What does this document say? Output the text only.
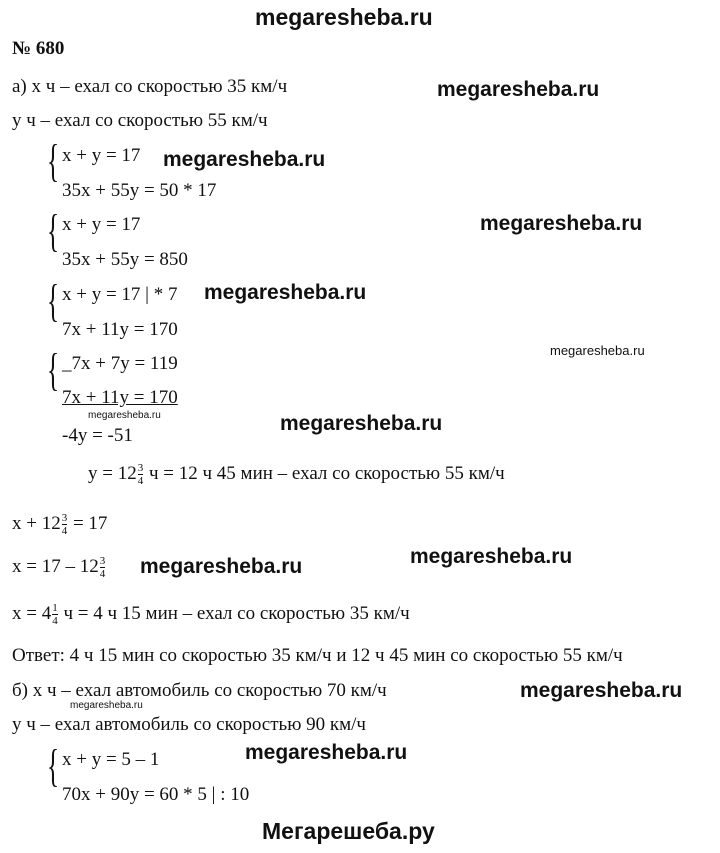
megaresheba.ru
Мегарешеба.ру
№ 680
а) x ч – ехал со скоростью 35 км/ч
y ч – ехал со скоростью 55 км/ч
{ x + y = 17
35x + 55y = 50 * 17
{ x + y = 17
35x + 55y = 850
{ x + y = 17 | * 7
7x + 11y = 170
{ _7x + 7y = 119
7x + 11y = 170
-4y = -51
$y = 12 \frac{3}{4}$ ч = 12 ч 45 мин – ехал со скоростью 55 км/ч
$x + 12 \frac{3}{4} = 17$
$x = 17 - 12 \frac{3}{4}$
$x = 4 \frac{1}{4}$ ч = 4 ч 15 мин – ехал со скоростью 35 км/ч
Ответ: 4 ч 15 мин со скоростью 35 км/ч и 12 ч 45 мин со скоростью 55 км/ч
б) x ч – ехал автомобиль со скоростью 70 км/ч
y ч – ехал автомобиль со скоростью 90 км/ч
{ x + y = 5 – 1
70x + 90y = 60 * 5 | : 10
megaresheba.ru
megaresheba.ru
megaresheba.ru
megaresheba.ru
megaresheba.ru
megaresheba.ru	megaresheba.ru
megaresheba.ru	megaresheba.ru
megaresheba.ru
megaresheba.ru
megaresheba.ru
